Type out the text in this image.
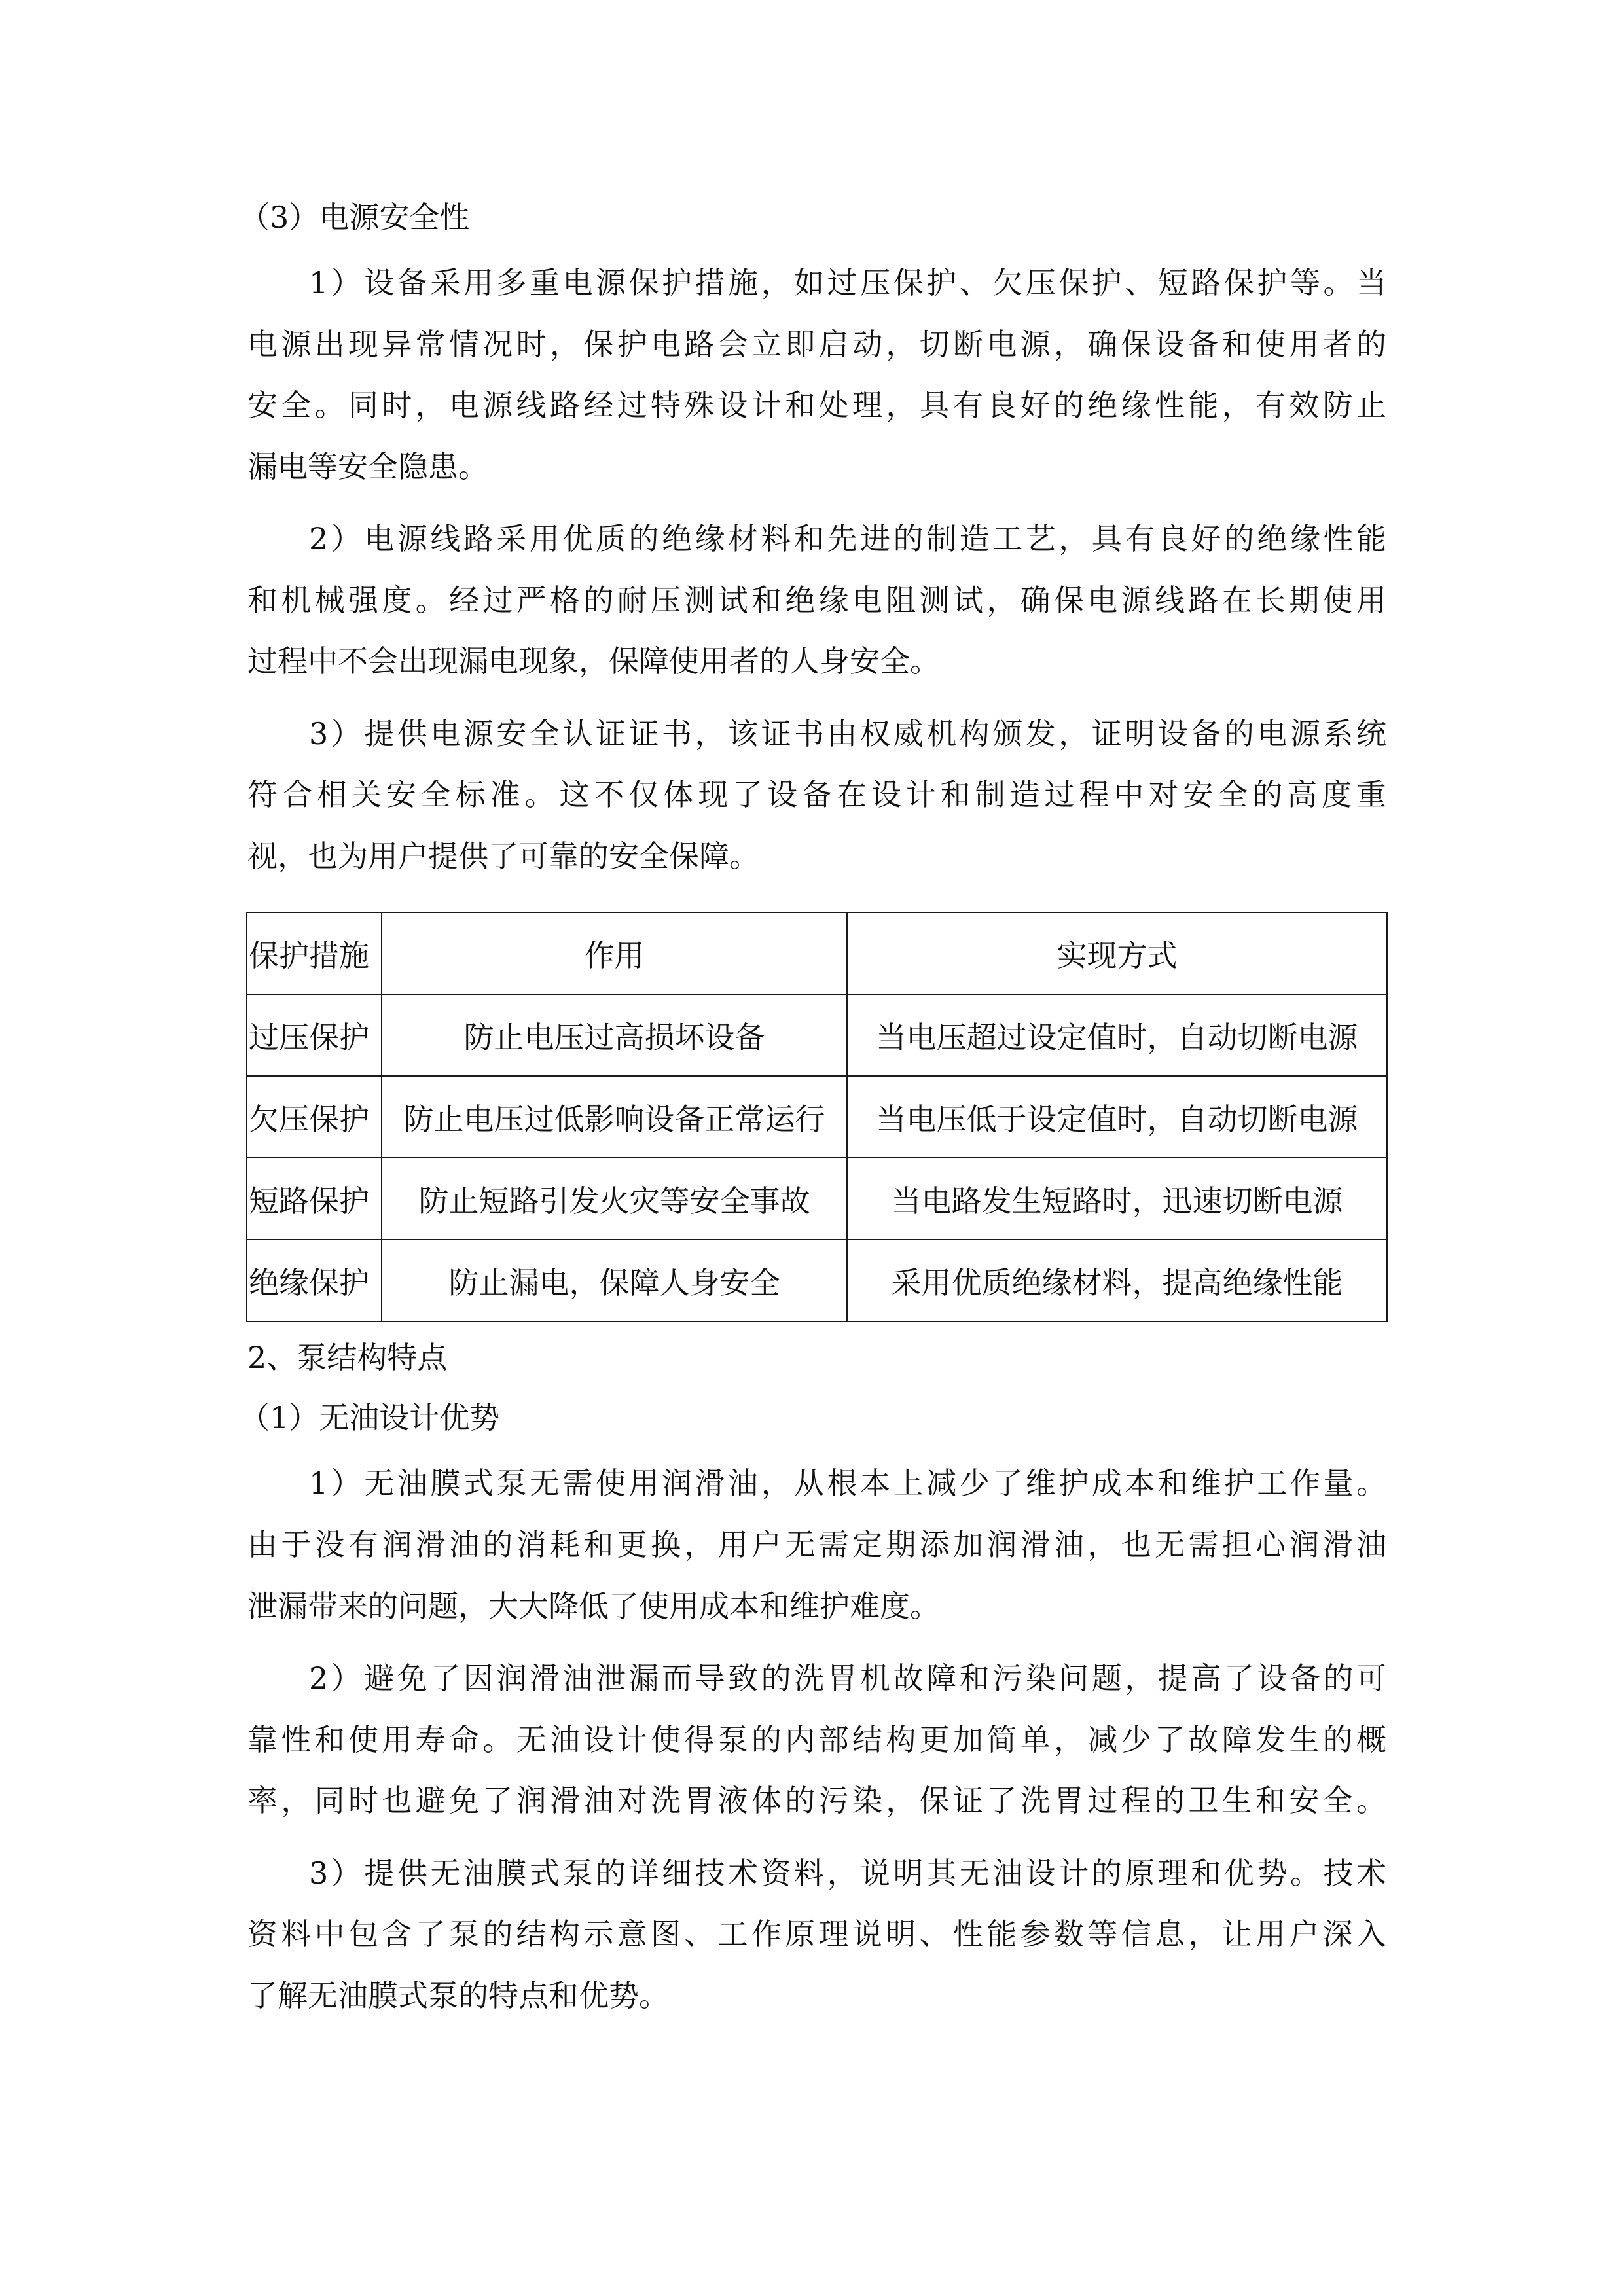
（3）电源安全性

1）设备采用多重电源保护措施，如过压保护、欠压保护、短路保护等。当

电源出现异常情况时，保护电路会立即启动，切断电源，确保设备和使用者的

安全。同时，电源线路经过特殊设计和处理，具有良好的绝缘性能，有效防止

漏电等安全隐患。

2）电源线路采用优质的绝缘材料和先进的制造工艺，具有良好的绝缘性能

和机械强度。经过严格的耐压测试和绝缘电阻测试，确保电源线路在长期使用

过程中不会出现漏电现象，保障使用者的人身安全。

3）提供电源安全认证证书，该证书由权威机构颁发，证明设备的电源系统

符合相关安全标准。这不仅体现了设备在设计和制造过程中对安全的高度重

视，也为用户提供了可靠的安全保障。

保护措施	作用	实现方式
过压保护	防止电压过高损坏设备	当电压超过设定值时，自动切断电源
欠压保护	防止电压过低影响设备正常运行	当电压低于设定值时，自动切断电源
短路保护	防止短路引发火灾等安全事故	当电路发生短路时，迅速切断电源
绝缘保护	防止漏电，保障人身安全	采用优质绝缘材料，提高绝缘性能

2、泵结构特点

（1）无油设计优势

1）无油膜式泵无需使用润滑油，从根本上减少了维护成本和维护工作量。

由于没有润滑油的消耗和更换，用户无需定期添加润滑油，也无需担心润滑油

泄漏带来的问题，大大降低了使用成本和维护难度。

2）避免了因润滑油泄漏而导致的洗胃机故障和污染问题，提高了设备的可

靠性和使用寿命。无油设计使得泵的内部结构更加简单，减少了故障发生的概

率，同时也避免了润滑油对洗胃液体的污染，保证了洗胃过程的卫生和安全。

3）提供无油膜式泵的详细技术资料，说明其无油设计的原理和优势。技术

资料中包含了泵的结构示意图、工作原理说明、性能参数等信息，让用户深入

了解无油膜式泵的特点和优势。
